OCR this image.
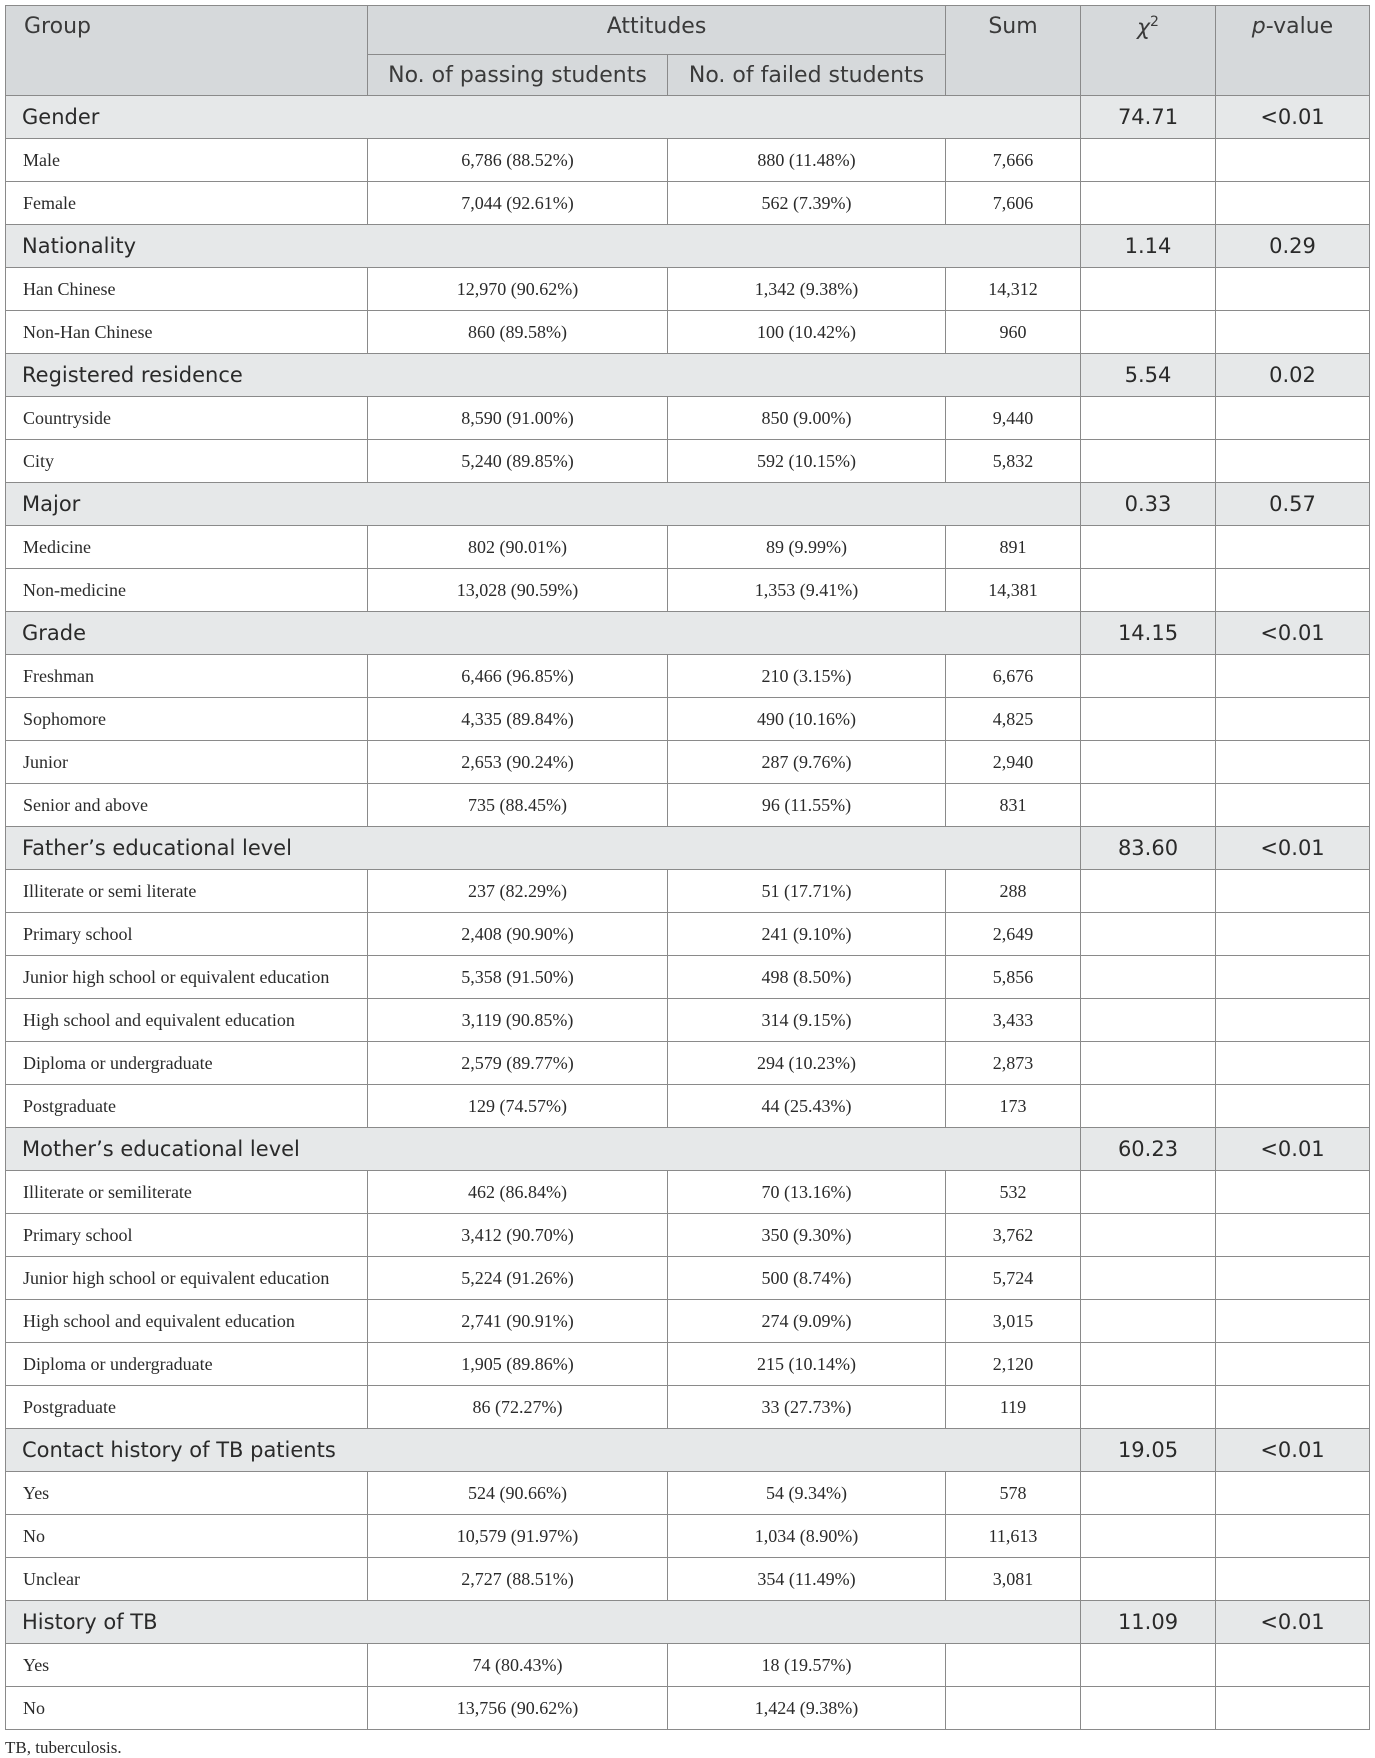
Group	Attitudes		Sum	$\chi^2$	p-value
	No. of passing students	No. of failed students			
Gender				74.71	<0.01
Male	6,786 (88.52%)	880 (11.48%)	7,666		
Female	7,044 (92.61%)	562 (7.39%)	7,606		
Nationality				1.14	0.29
Han Chinese	12,970 (90.62%)	1,342 (9.38%)	14,312		
Non-Han Chinese	860 (89.58%)	100 (10.42%)	960		
Registered residence				5.54	0.02
Countryside	8,590 (91.00%)	850 (9.00%)	9,440		
City	5,240 (89.85%)	592 (10.15%)	5,832		
Major				0.33	0.57
Medicine	802 (90.01%)	89 (9.99%)	891		
Non-medicine	13,028 (90.59%)	1,353 (9.41%)	14,381		
Grade				14.15	<0.01
Freshman	6,466 (96.85%)	210 (3.15%)	6,676		
Sophomore	4,335 (89.84%)	490 (10.16%)	4,825		
Junior	2,653 (90.24%)	287 (9.76%)	2,940		
Senior and above	735 (88.45%)	96 (11.55%)	831		
Father’s educational level				83.60	<0.01
Illiterate or semi literate	237 (82.29%)	51 (17.71%)	288		
Primary school	2,408 (90.90%)	241 (9.10%)	2,649		
Junior high school or equivalent education	5,358 (91.50%)	498 (8.50%)	5,856		
High school and equivalent education	3,119 (90.85%)	314 (9.15%)	3,433		
Diploma or undergraduate	2,579 (89.77%)	294 (10.23%)	2,873		
Postgraduate	129 (74.57%)	44 (25.43%)	173		
Mother’s educational level				60.23	<0.01
Illiterate or semiliterate	462 (86.84%)	70 (13.16%)	532		
Primary school	3,412 (90.70%)	350 (9.30%)	3,762		
Junior high school or equivalent education	5,224 (91.26%)	500 (8.74%)	5,724		
High school and equivalent education	2,741 (90.91%)	274 (9.09%)	3,015		
Diploma or undergraduate	1,905 (89.86%)	215 (10.14%)	2,120		
Postgraduate	86 (72.27%)	33 (27.73%)	119		
Contact history of TB patients				19.05	<0.01
Yes	524 (90.66%)	54 (9.34%)	578		
No	10,579 (91.97%)	1,034 (8.90%)	11,613		
Unclear	2,727 (88.51%)	354 (11.49%)	3,081		
History of TB				11.09	<0.01
Yes	74 (80.43%)	18 (19.57%)			
No	13,756 (90.62%)	1,424 (9.38%)			
TB, tuberculosis.
